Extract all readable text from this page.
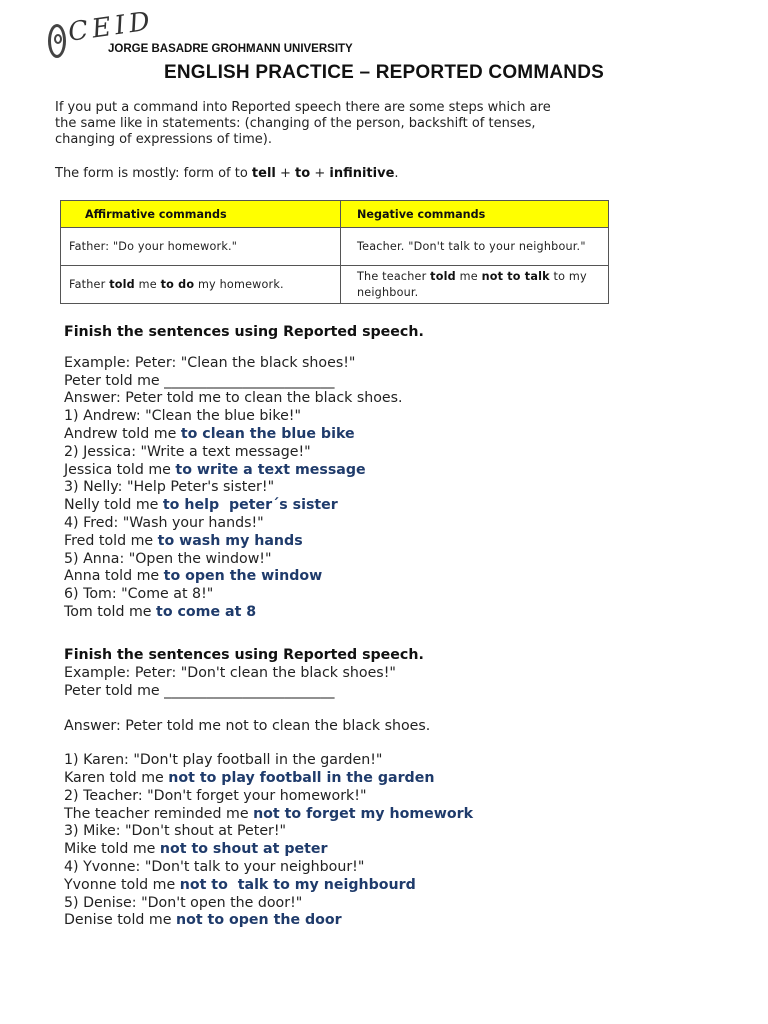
CEID
JORGE BASADRE GROHMANN UNIVERSITY
ENGLISH PRACTICE – REPORTED COMMANDS

If you put a command into Reported speech there are some steps which are

the same like in statements: (changing of the person, backshift of tenses,

changing of expressions of time).

The form is mostly: form of to tell + to + infinitive.
Affirmative commands	Negative commands
Father: "Do your homework."	Teacher. "Don't talk to your neighbour."
Father told me to do my homework.	The teacher told me not to talk to my neighbour.
Finish the sentences using Reported speech.
Example: Peter: "Clean the black shoes!"
Peter told me ________________________
Answer: Peter told me to clean the black shoes.
1) Andrew: "Clean the blue bike!"
Andrew told me to clean the blue bike
2) Jessica: "Write a text message!"
Jessica told me to write a text message
3) Nelly: "Help Peter's sister!"
Nelly told me to help  peter´s sister
4) Fred: "Wash your hands!"
Fred told me to wash my hands
5) Anna: "Open the window!"
Anna told me to open the window
6) Tom: "Come at 8!"
Tom told me to come at 8
Finish the sentences using Reported speech.
Example: Peter: "Don't clean the black shoes!"
Peter told me ________________________
Answer: Peter told me not to clean the black shoes.
1) Karen: "Don't play football in the garden!"
Karen told me not to play football in the garden
2) Teacher: "Don't forget your homework!"
The teacher reminded me not to forget my homework
3) Mike: "Don't shout at Peter!"
Mike told me not to shout at peter
4) Yvonne: "Don't talk to your neighbour!"
Yvonne told me not to  talk to my neighbourd
5) Denise: "Don't open the door!"
Denise told me not to open the door
